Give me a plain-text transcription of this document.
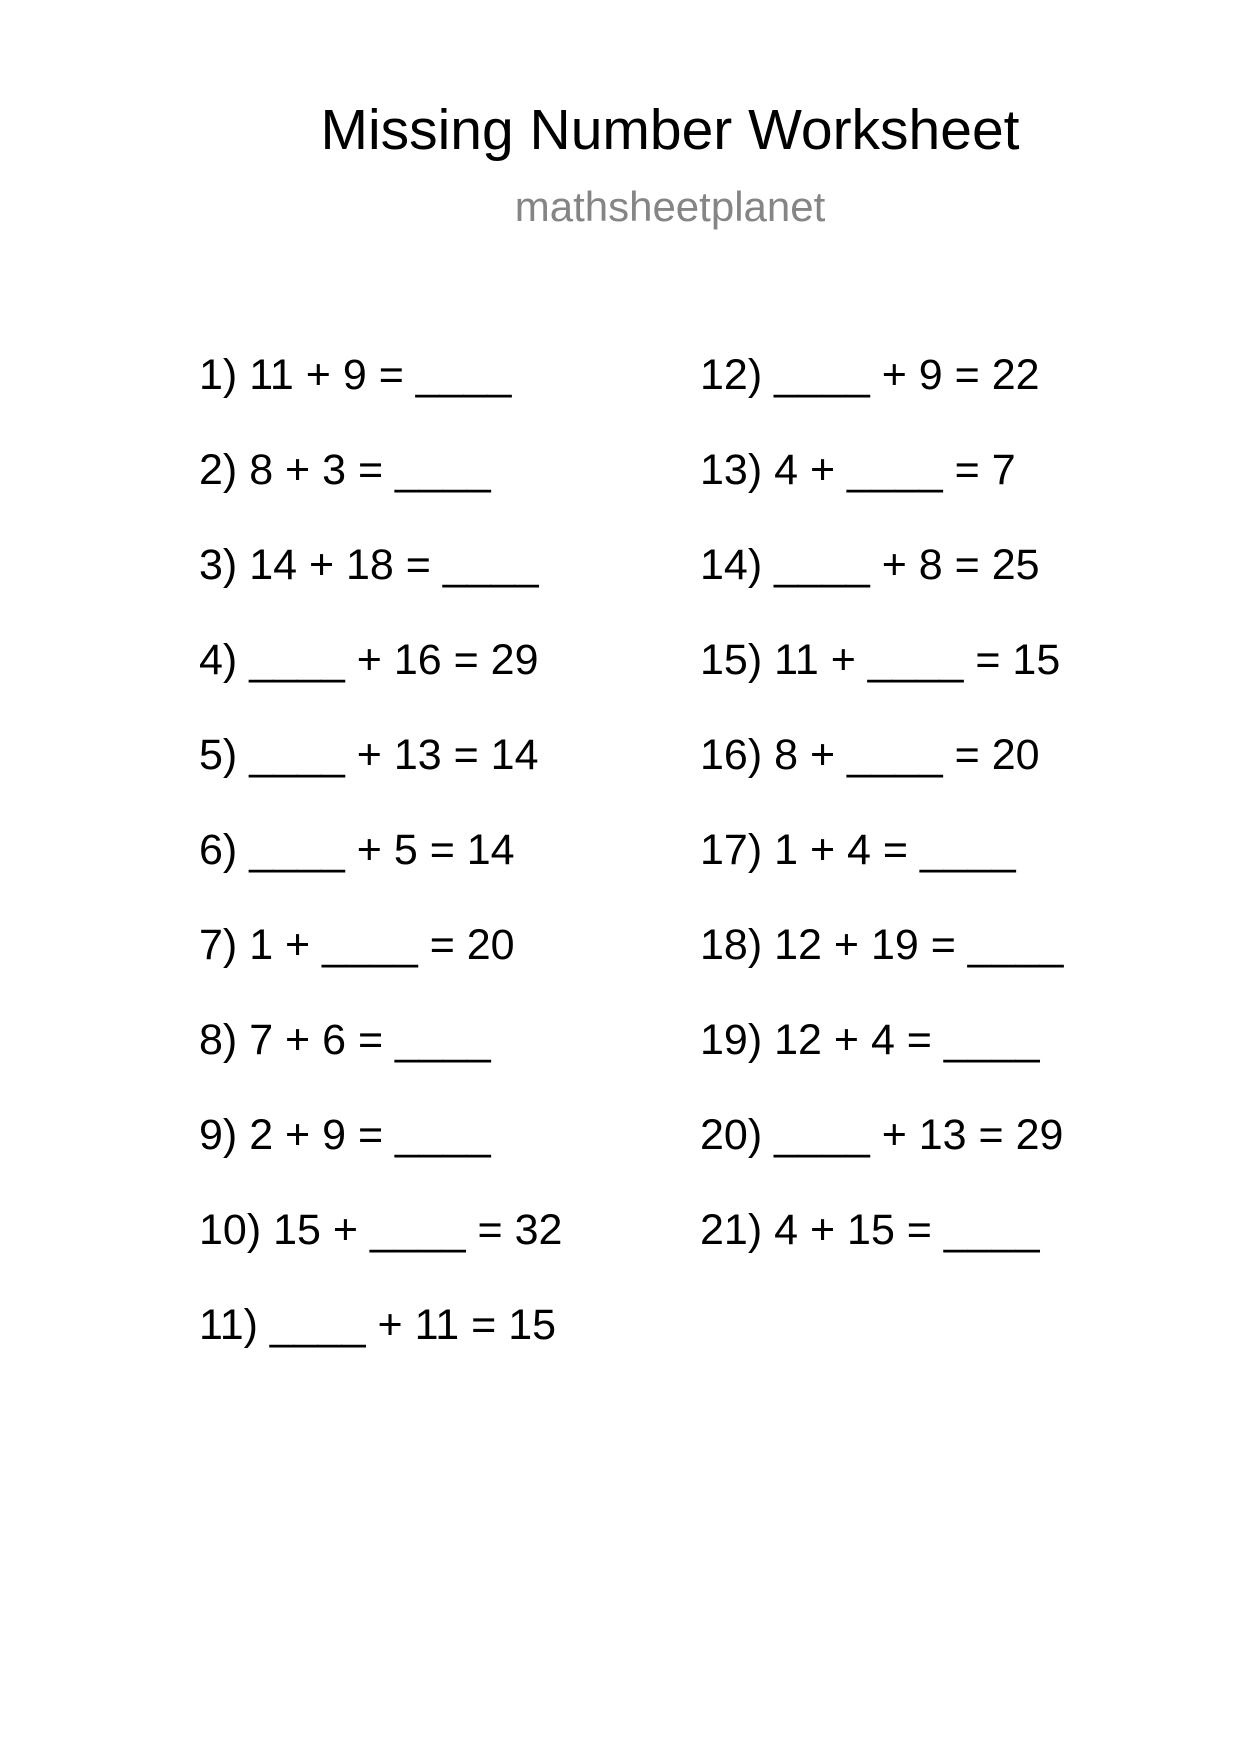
Missing Number Worksheet
mathsheetplanet
1) 11 + 9 = ____
2) 8 + 3 = ____
3) 14 + 18 = ____
4) ____ + 16 = 29
5) ____ + 13 = 14
6) ____ + 5 = 14
7) 1 + ____ = 20
8) 7 + 6 = ____
9) 2 + 9 = ____
10) 15 + ____ = 32
11) ____ + 11 = 15
12) ____ + 9 = 22
13) 4 + ____ = 7
14) ____ + 8 = 25
15) 11 + ____ = 15
16) 8 + ____ = 20
17) 1 + 4 = ____
18) 12 + 19 = ____
19) 12 + 4 = ____
20) ____ + 13 = 29
21) 4 + 15 = ____
